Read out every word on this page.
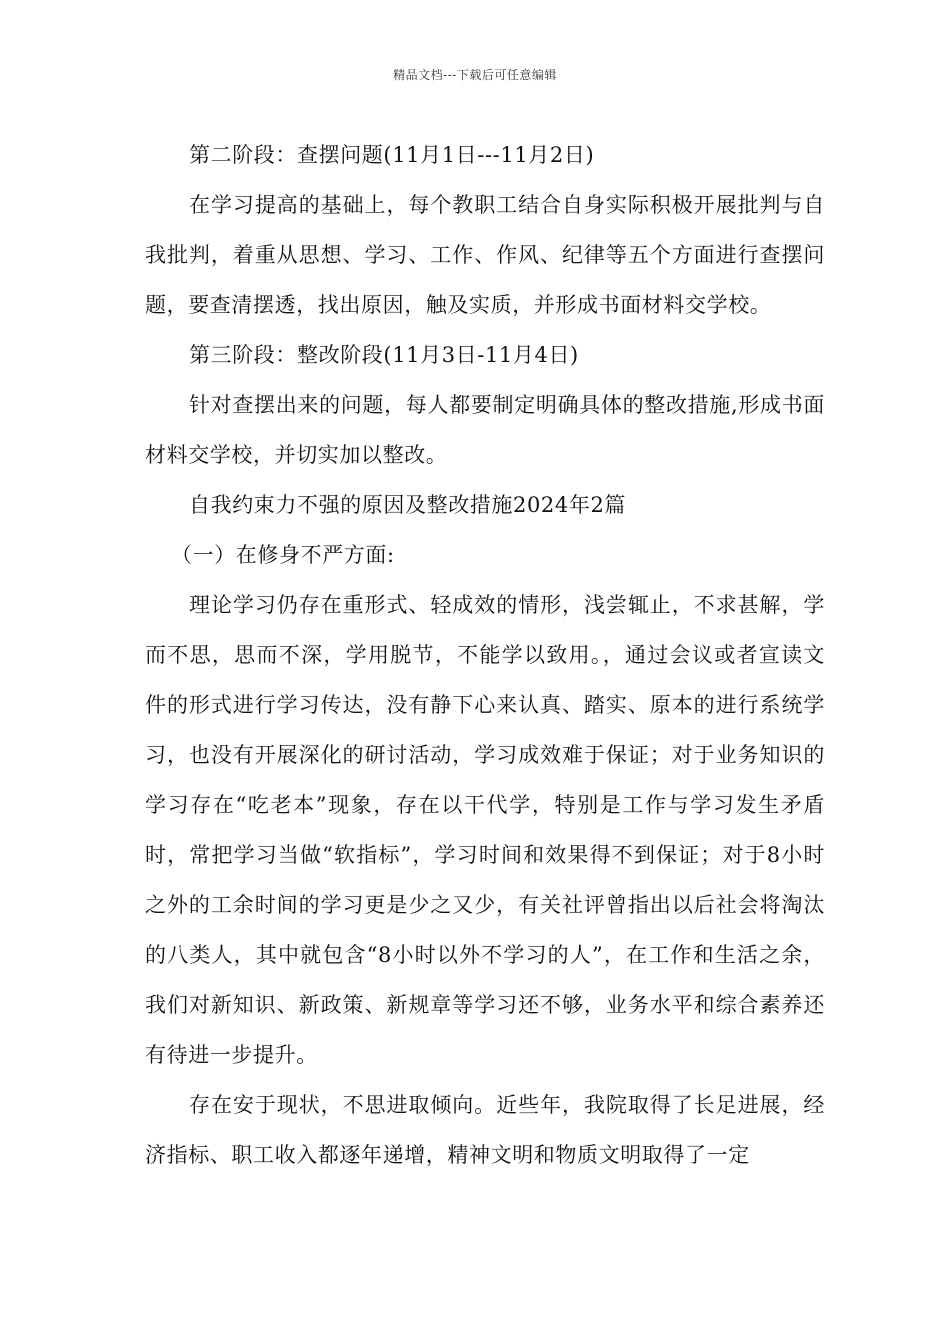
精品文档---下载后可任意编辑

第二阶段：查摆问题(11月1日---11月2日)

在学习提高的基础上，每个教职工结合自身实际积极开展批判与自我批判，着重从思想、学习、工作、作风、纪律等五个方面进行查摆问题，要查清摆透，找出原因，触及实质，并形成书面材料交学校。

第三阶段：整改阶段(11月3日-11月4日)

针对查摆出来的问题，每人都要制定明确具体的整改措施,形成书面材料交学校，并切实加以整改。

自我约束力不强的原因及整改措施2024年2篇

（一）在修身不严方面:

理论学习仍存在重形式、轻成效的情形，浅尝辄止，不求甚解，学而不思，思而不深，学用脱节，不能学以致用。，通过会议或者宣读文件的形式进行学习传达，没有静下心来认真、踏实、原本的进行系统学习，也没有开展深化的研讨活动，学习成效难于保证；对于业务知识的学习存在“吃老本”现象，存在以干代学，特别是工作与学习发生矛盾时，常把学习当做“软指标”，学习时间和效果得不到保证；对于8小时之外的工余时间的学习更是少之又少，有关社评曾指出以后社会将淘汰的八类人，其中就包含“8小时以外不学习的人”，在工作和生活之余，我们对新知识、新政策、新规章等学习还不够，业务水平和综合素养还有待进一步提升。

存在安于现状，不思进取倾向。近些年，我院取得了长足进展，经济指标、职工收入都逐年递增，精神文明和物质文明取得了一定
